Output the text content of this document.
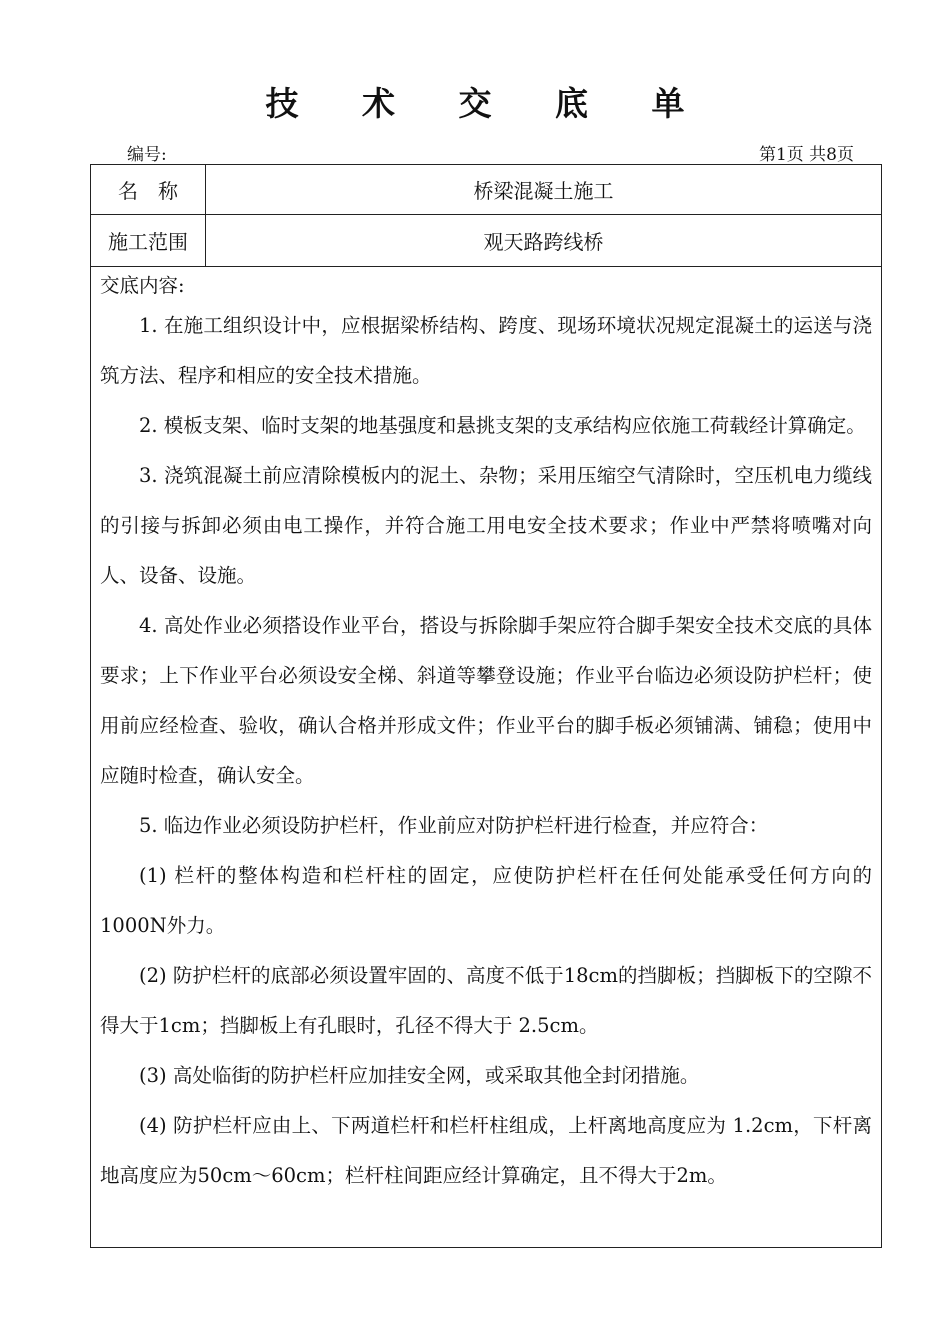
技 术 交 底 单
编号:	第1页 共8页
名　称	桥梁混凝土施工
施工范围	观天路跨线桥
交底内容:

1. 在施工组织设计中，应根据梁桥结构、跨度、现场环境状况规定混凝土的运送与浇筑方法、程序和相应的安全技术措施。

2. 模板支架、临时支架的地基强度和悬挑支架的支承结构应依施工荷载经计算确定。

3. 浇筑混凝土前应清除模板内的泥土、杂物；采用压缩空气清除时，空压机电力缆线的引接与拆卸必须由电工操作，并符合施工用电安全技术要求；作业中严禁将喷嘴对向人、设备、设施。

4. 高处作业必须搭设作业平台，搭设与拆除脚手架应符合脚手架安全技术交底的具体要求；上下作业平台必须设安全梯、斜道等攀登设施；作业平台临边必须设防护栏杆；使用前应经检查、验收，确认合格并形成文件；作业平台的脚手板必须铺满、铺稳；使用中应随时检查，确认安全。

5. 临边作业必须设防护栏杆，作业前应对防护栏杆进行检查，并应符合：

(1) 栏杆的整体构造和栏杆柱的固定，应使防护栏杆在任何处能承受任何方向的1000N外力。

(2) 防护栏杆的底部必须设置牢固的、高度不低于18cm的挡脚板；挡脚板下的空隙不得大于1cm；挡脚板上有孔眼时，孔径不得大于 2.5cm。

(3) 高处临街的防护栏杆应加挂安全网，或采取其他全封闭措施。

(4) 防护栏杆应由上、下两道栏杆和栏杆柱组成，上杆离地高度应为 1.2cm，下杆离地高度应为50cm～60cm；栏杆柱间距应经计算确定，且不得大于2m。
